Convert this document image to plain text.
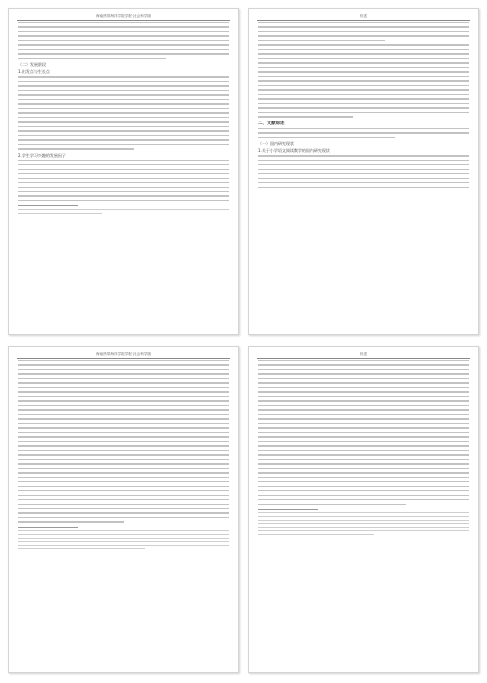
海南热带海洋学院学报·社会科学版
（二）发展阶段
1.出发点与生长点
2.学生学习兴趣的发展因子
综述
二、文献综述
（一）国内研究现状
1.关于小学语文阅读教学的国内研究现状
海南热带海洋学院学报·社会科学版	综述
